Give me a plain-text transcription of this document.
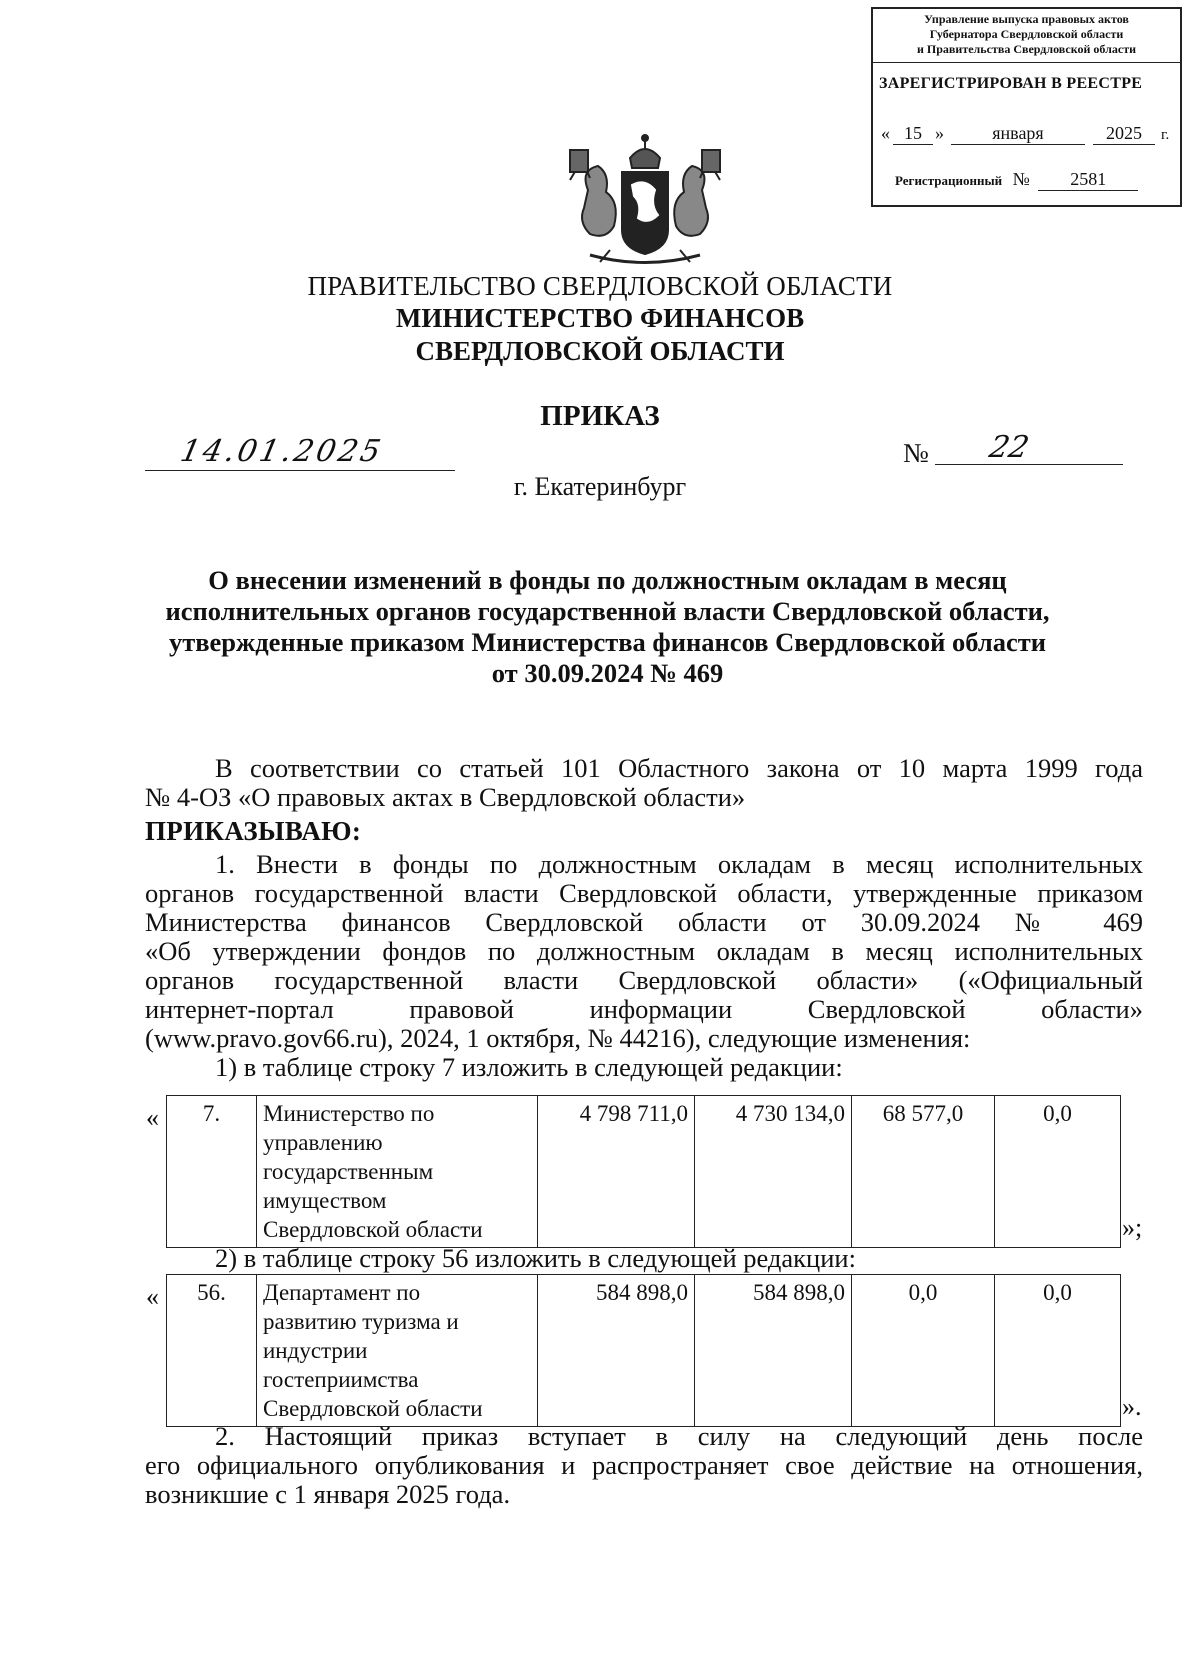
Управление выпуска правовых актов
Губернатора Свердловской области
и Правительства Свердловской области
ЗАРЕГИСТРИРОВАН В РЕЕСТРЕ
« 15 »	января	2025	г.
Регистрационный № 2581
ПРАВИТЕЛЬСТВО СВЕРДЛОВСКОЙ ОБЛАСТИ
МИНИСТЕРСТВО ФИНАНСОВ
СВЕРДЛОВСКОЙ ОБЛАСТИ
ПРИКАЗ
14.01.2025	№ 22
г. Екатеринбург
О внесении изменений в фонды по должностным окладам в месяц
исполнительных органов государственной власти Свердловской области,
утвержденные приказом Министерства финансов Свердловской области
от 30.09.2024 № 469
В соответствии со статьей 101 Областного закона от 10 марта 1999 года
№ 4-ОЗ «О правовых актах в Свердловской области»
ПРИКАЗЫВАЮ:
1. Внести в фонды по должностным окладам в месяц исполнительных
органов государственной власти Свердловской области, утвержденные приказом
Министерства финансов Свердловской области от 30.09.2024 № 469
«Об утверждении фондов по должностным окладам в месяц исполнительных
органов государственной власти Свердловской области» («Официальный
интернет-портал правовой информации Свердловской области»
(www.pravo.gov66.ru), 2024, 1 октября, № 44216), следующие изменения:
1) в таблице строку 7 изложить в следующей редакции:
« 7.	Министерство по
управлению
государственным
имуществом
Свердловской области
	4 798 711,0	4 730 134,0	68 577,0	0,0
»;
2) в таблице строку 56 изложить в следующей редакции:
« 56.	Департамент по
развитию туризма и
индустрии
гостеприимства
Свердловской области
	584 898,0	584 898,0	0,0	0,0
».
2. Настоящий приказ вступает в силу на следующий день после
его официального опубликования и распространяет свое действие на отношения,
возникшие с 1 января 2025 года.
